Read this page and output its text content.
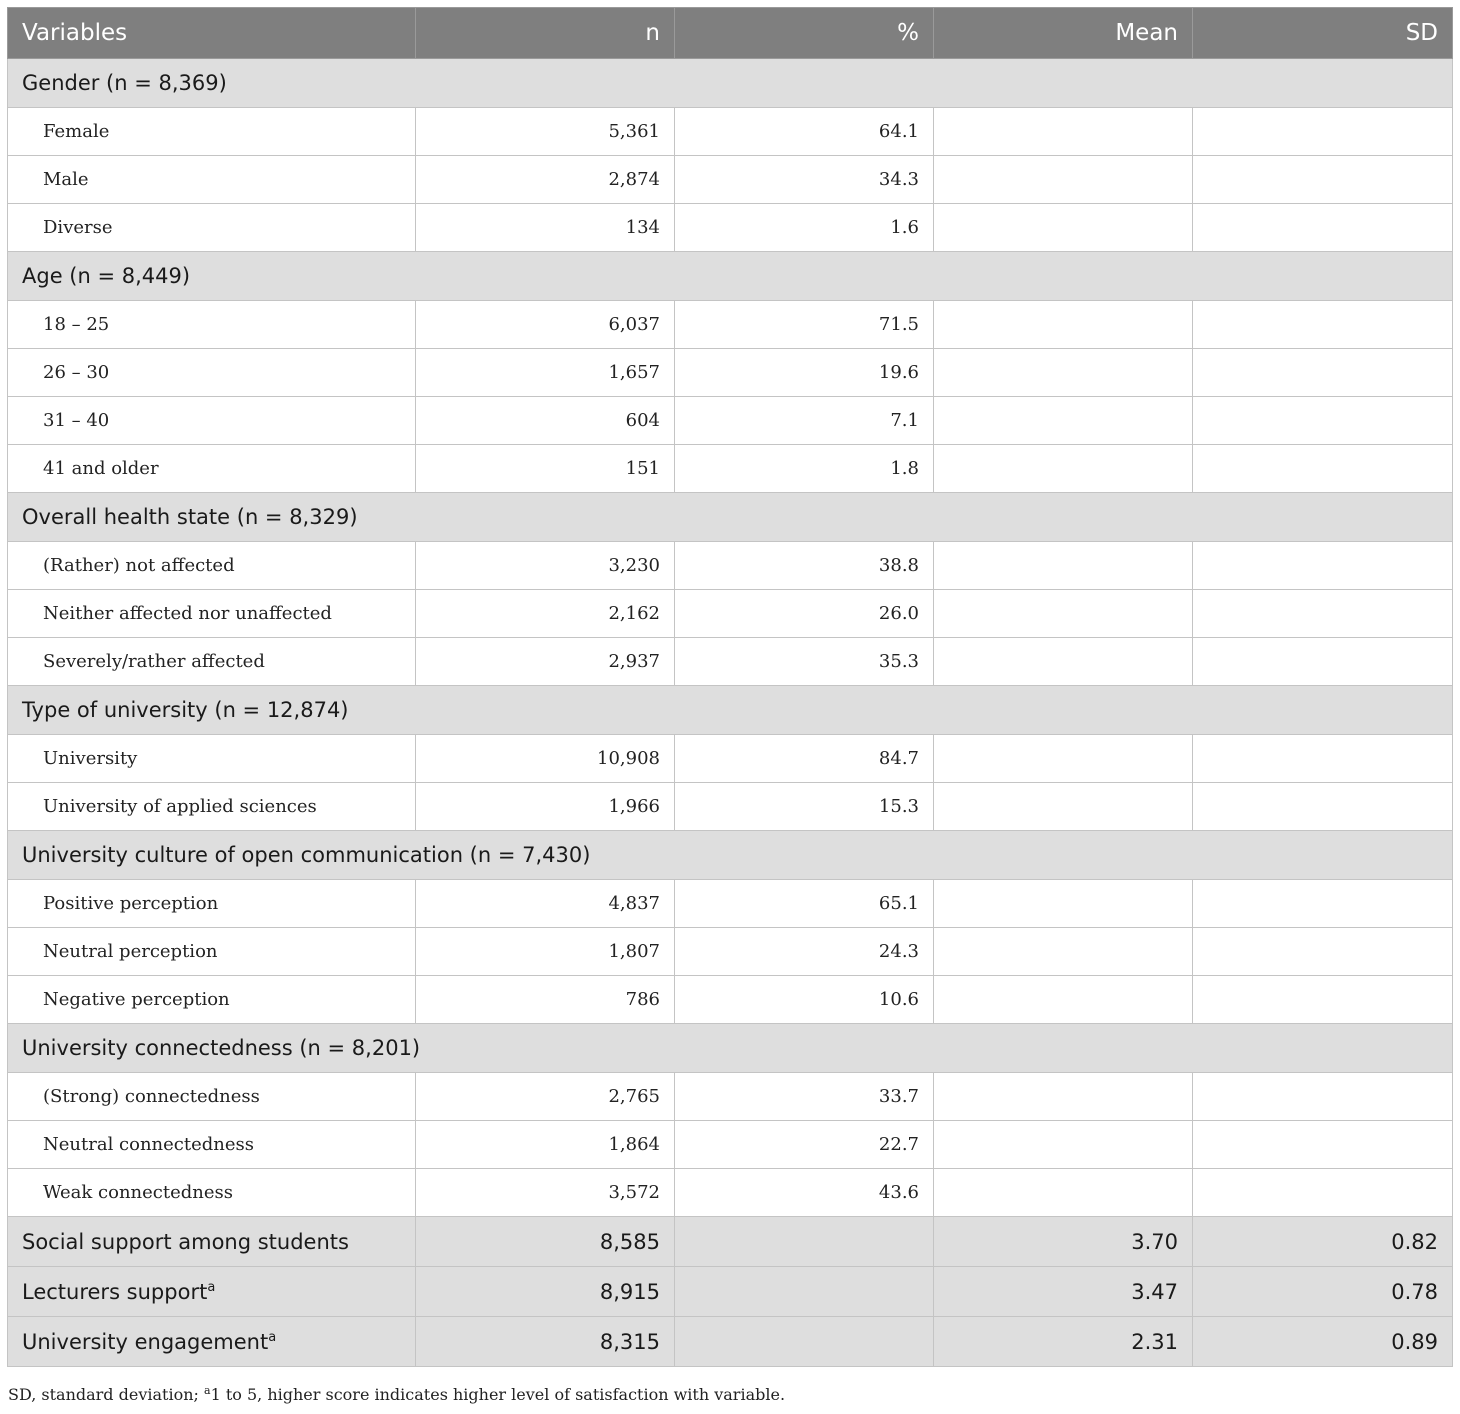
Variables	n	%	Mean	SD
Gender (n = 8,369)				
Female	5,361	64.1		
Male	2,874	34.3		
Diverse	134	1.6		
Age (n = 8,449)				
18 – 25	6,037	71.5		
26 – 30	1,657	19.6		
31 – 40	604	7.1		
41 and older	151	1.8		
Overall health state (n = 8,329)				
(Rather) not affected	3,230	38.8		
Neither affected nor unaffected	2,162	26.0		
Severely/rather affected	2,937	35.3		
Type of university (n = 12,874)				
University	10,908	84.7		
University of applied sciences	1,966	15.3		
University culture of open communication (n = 7,430)				
Positive perception	4,837	65.1		
Neutral perception	1,807	24.3		
Negative perception	786	10.6		
University connectedness (n = 8,201)				
(Strong) connectedness	2,765	33.7		
Neutral connectedness	1,864	22.7		
Weak connectedness	3,572	43.6		
Social support among students	8,585		3.70	0.82
Lecturers support$^a$	8,915		3.47	0.78
University engagement$^a$	8,315		2.31	0.89
SD, standard deviation; $^a$1 to 5, higher score indicates higher level of satisfaction with variable.
